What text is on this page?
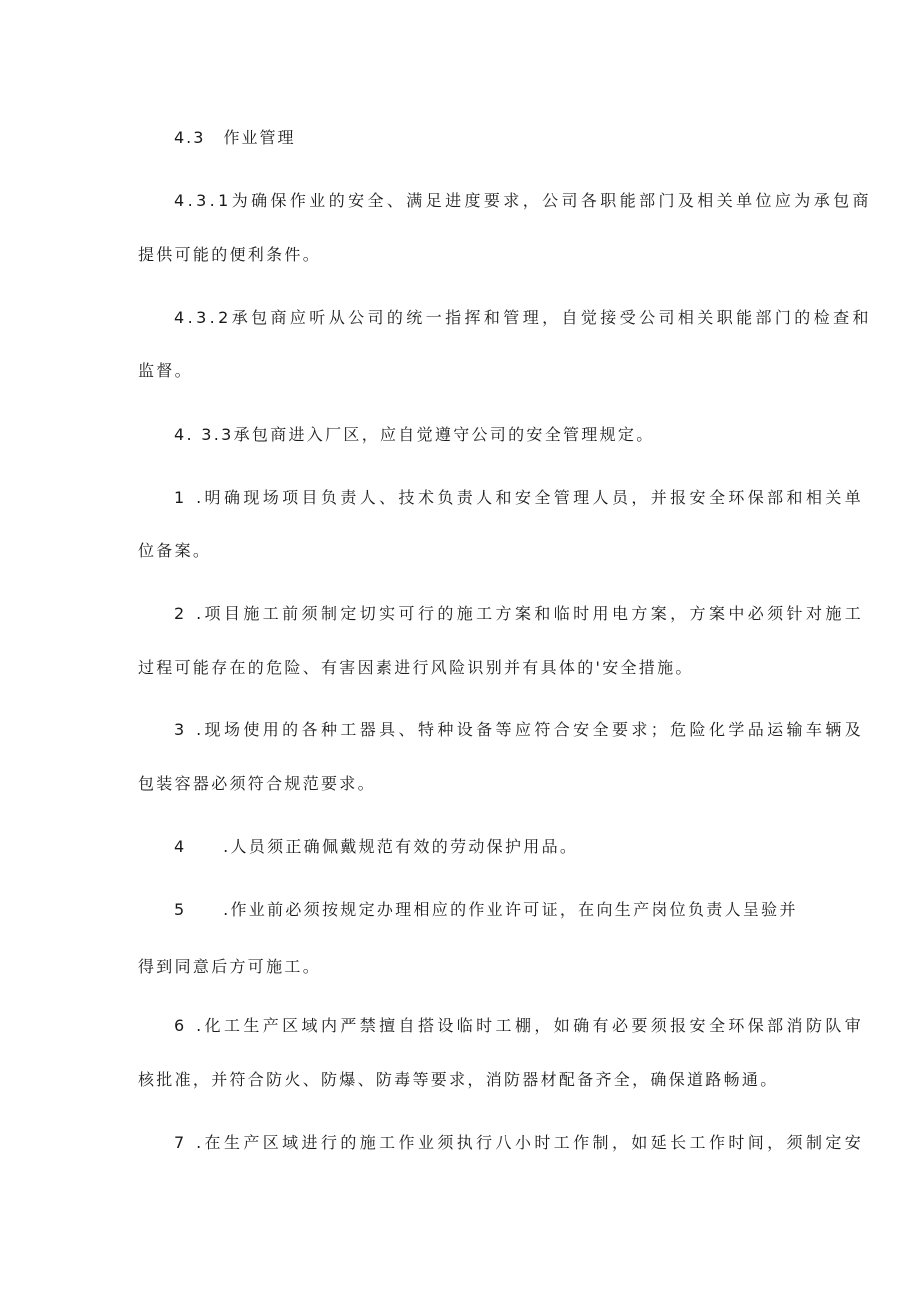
4.3　作业管理
4.3.1为确保作业的安全、满足进度要求，公司各职能部门及相关单位应为承包商
提供可能的便利条件。
4.3.2承包商应听从公司的统一指挥和管理，自觉接受公司相关职能部门的检查和
监督。
4. 3.3承包商进入厂区，应自觉遵守公司的安全管理规定。
1 .明确现场项目负责人、技术负责人和安全管理人员，并报安全环保部和相关单
位备案。
2 .项目施工前须制定切实可行的施工方案和临时用电方案，方案中必须针对施工
过程可能存在的危险、有害因素进行风险识别并有具体的'安全措施。
3 .现场使用的各种工器具、特种设备等应符合安全要求；危险化学品运输车辆及
包装容器必须符合规范要求。
4　　.人员须正确佩戴规范有效的劳动保护用品。
5　　.作业前必须按规定办理相应的作业许可证，在向生产岗位负责人呈验并
得到同意后方可施工。
6 .化工生产区域内严禁擅自搭设临时工棚，如确有必要须报安全环保部消防队审
核批准，并符合防火、防爆、防毒等要求，消防器材配备齐全，确保道路畅通。
7 .在生产区域进行的施工作业须执行八小时工作制，如延长工作时间，须制定安
